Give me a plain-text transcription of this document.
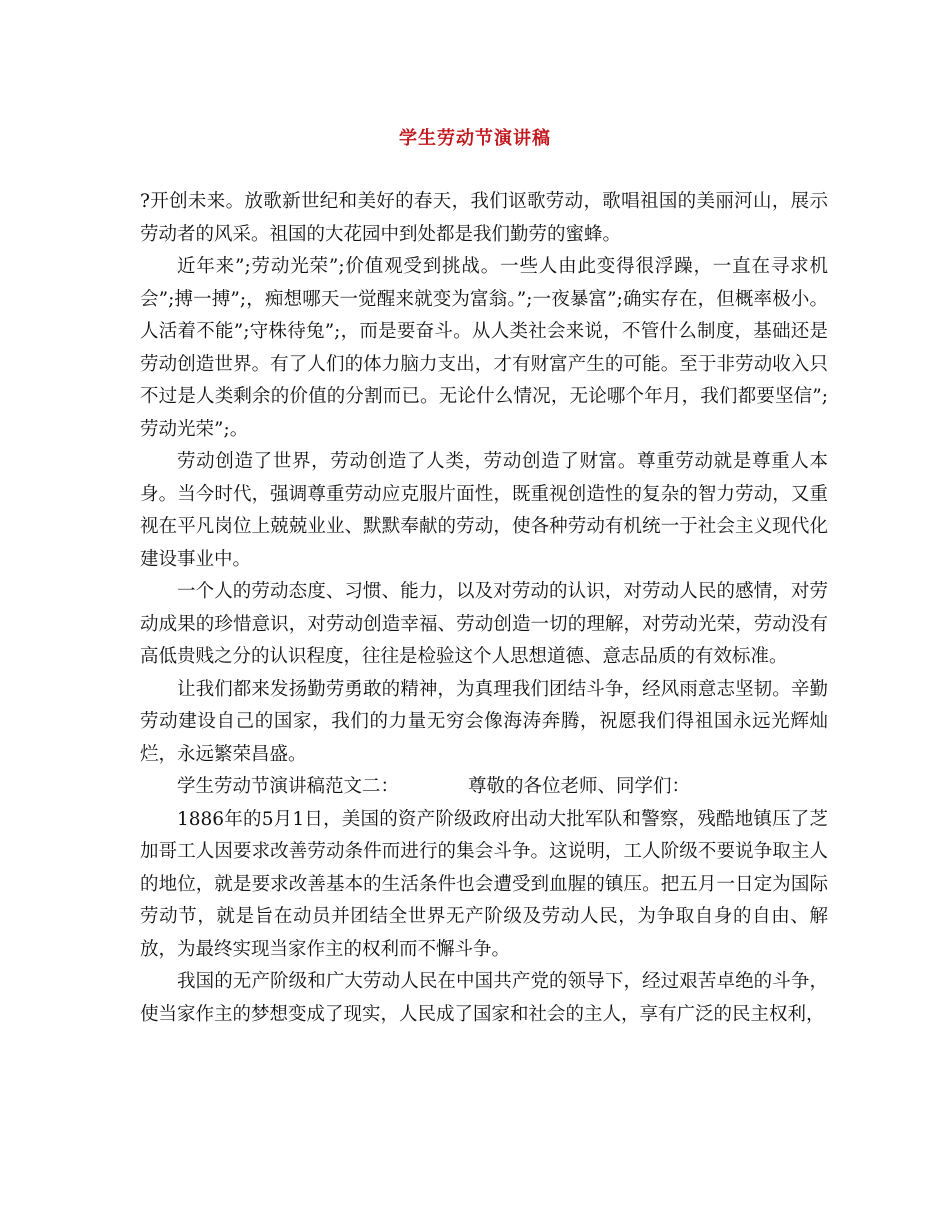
学生劳动节演讲稿

?开创未来。放歌新世纪和美好的春天，我们讴歌劳动，歌唱祖国的美丽河山，展示劳动者的风采。祖国的大花园中到处都是我们勤劳的蜜蜂。

近年来”;劳动光荣”;价值观受到挑战。一些人由此变得很浮躁，一直在寻求机会”;搏一搏”;，痴想哪天一觉醒来就变为富翁。”;一夜暴富”;确实存在，但概率极小。人活着不能”;守株待兔”;，而是要奋斗。从人类社会来说，不管什么制度，基础还是劳动创造世界。有了人们的体力脑力支出，才有财富产生的可能。至于非劳动收入只不过是人类剩余的价值的分割而已。无论什么情况，无论哪个年月，我们都要坚信”;劳动光荣”;。

劳动创造了世界，劳动创造了人类，劳动创造了财富。尊重劳动就是尊重人本身。当今时代，强调尊重劳动应克服片面性，既重视创造性的复杂的智力劳动，又重视在平凡岗位上兢兢业业、默默奉献的劳动，使各种劳动有机统一于社会主义现代化建设事业中。

一个人的劳动态度、习惯、能力，以及对劳动的认识，对劳动人民的感情，对劳动成果的珍惜意识，对劳动创造幸福、劳动创造一切的理解，对劳动光荣，劳动没有高低贵贱之分的认识程度，往往是检验这个人思想道德、意志品质的有效标准。

让我们都来发扬勤劳勇敢的精神，为真理我们团结斗争，经风雨意志坚韧。辛勤劳动建设自己的国家，我们的力量无穷会像海涛奔腾，祝愿我们得祖国永远光辉灿烂，永远繁荣昌盛。

学生劳动节演讲稿范文二：	尊敬的各位老师、同学们：

1886年的5月1日，美国的资产阶级政府出动大批军队和警察，残酷地镇压了芝加哥工人因要求改善劳动条件而进行的集会斗争。这说明，工人阶级不要说争取主人的地位，就是要求改善基本的生活条件也会遭受到血腥的镇压。把五月一日定为国际劳动节，就是旨在动员并团结全世界无产阶级及劳动人民，为争取自身的自由、解放，为最终实现当家作主的权利而不懈斗争。

我国的无产阶级和广大劳动人民在中国共产党的领导下，经过艰苦卓绝的斗争，使当家作主的梦想变成了现实，人民成了国家和社会的主人，享有广泛的民主权利，
